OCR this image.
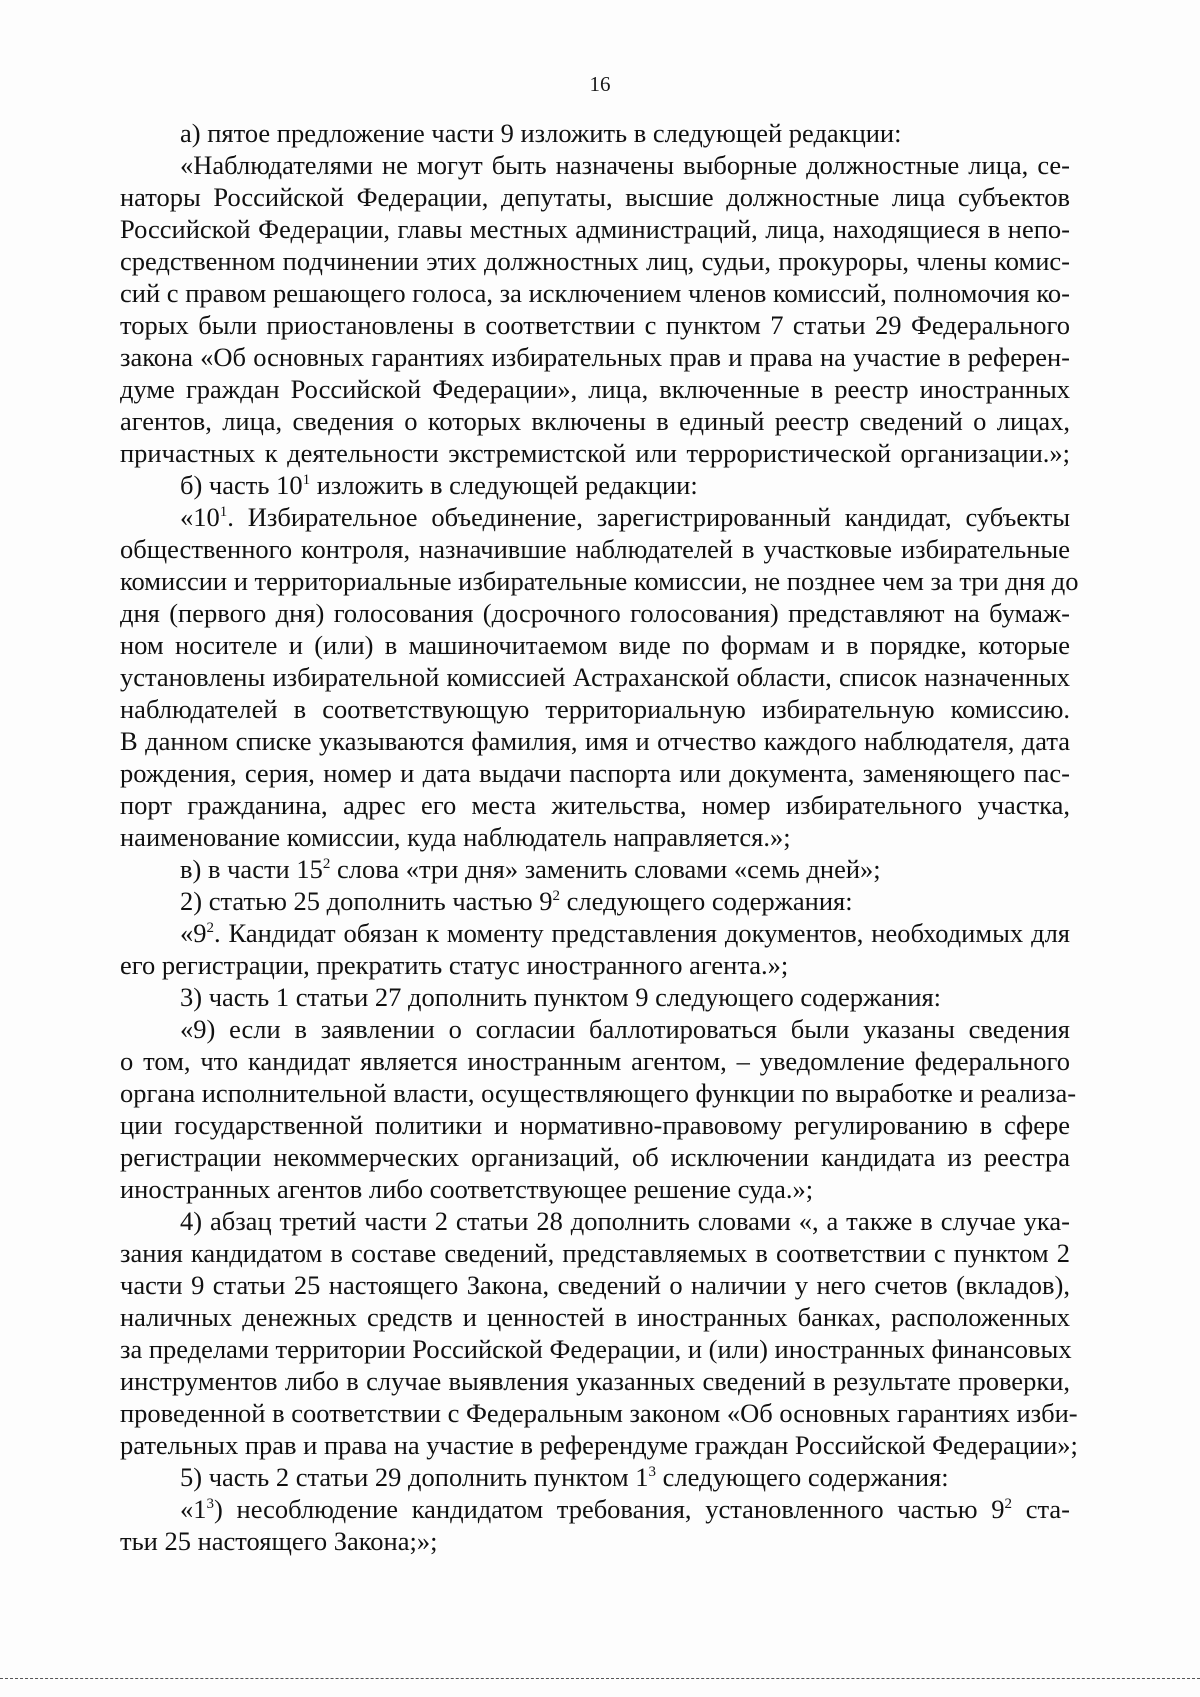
16
а) пятое предложение части 9 изложить в следующей редакции:
«Наблюдателями не могут быть назначены выборные должностные лица, се-
наторы Российской Федерации, депутаты, высшие должностные лица субъектов
Российской Федерации, главы местных администраций, лица, находящиеся в непо-
средственном подчинении этих должностных лиц, судьи, прокуроры, члены комис-
сий с правом решающего голоса, за исключением членов комиссий, полномочия ко-
торых были приостановлены в соответствии с пунктом 7 статьи 29 Федерального
закона «Об основных гарантиях избирательных прав и права на участие в референ-
думе граждан Российской Федерации», лица, включенные в реестр иностранных
агентов, лица, сведения о которых включены в единый реестр сведений о лицах,
причастных к деятельности экстремистской или террористической организации.»;
б) часть $10^1$ изложить в следующей редакции:
«$10^1$. Избирательное объединение, зарегистрированный кандидат, субъекты
общественного контроля, назначившие наблюдателей в участковые избирательные
комиссии и территориальные избирательные комиссии, не позднее чем за три дня до
дня (первого дня) голосования (досрочного голосования) представляют на бумаж-
ном носителе и (или) в машиночитаемом виде по формам и в порядке, которые
установлены избирательной комиссией Астраханской области, список назначенных
наблюдателей в соответствующую территориальную избирательную комиссию.
В данном списке указываются фамилия, имя и отчество каждого наблюдателя, дата
рождения, серия, номер и дата выдачи паспорта или документа, заменяющего пас-
порт гражданина, адрес его места жительства, номер избирательного участка,
наименование комиссии, куда наблюдатель направляется.»;
в) в части $15^2$ слова «три дня» заменить словами «семь дней»;
2) статью 25 дополнить частью $9^2$ следующего содержания:
«$9^2$. Кандидат обязан к моменту представления документов, необходимых для
его регистрации, прекратить статус иностранного агента.»;
3) часть 1 статьи 27 дополнить пунктом 9 следующего содержания:
«9) если в заявлении о согласии баллотироваться были указаны сведения
о том, что кандидат является иностранным агентом, – уведомление федерального
органа исполнительной власти, осуществляющего функции по выработке и реализа-
ции государственной политики и нормативно-правовому регулированию в сфере
регистрации некоммерческих организаций, об исключении кандидата из реестра
иностранных агентов либо соответствующее решение суда.»;
4) абзац третий части 2 статьи 28 дополнить словами «, а также в случае ука-
зания кандидатом в составе сведений, представляемых в соответствии с пунктом 2
части 9 статьи 25 настоящего Закона, сведений о наличии у него счетов (вкладов),
наличных денежных средств и ценностей в иностранных банках, расположенных
за пределами территории Российской Федерации, и (или) иностранных финансовых
инструментов либо в случае выявления указанных сведений в результате проверки,
проведенной в соответствии с Федеральным законом «Об основных гарантиях изби-
рательных прав и права на участие в референдуме граждан Российской Федерации»;
5) часть 2 статьи 29 дополнить пунктом $1^3$ следующего содержания:
«$1^3$) несоблюдение кандидатом требования, установленного частью $9^2$ ста-
тьи 25 настоящего Закона;»;
